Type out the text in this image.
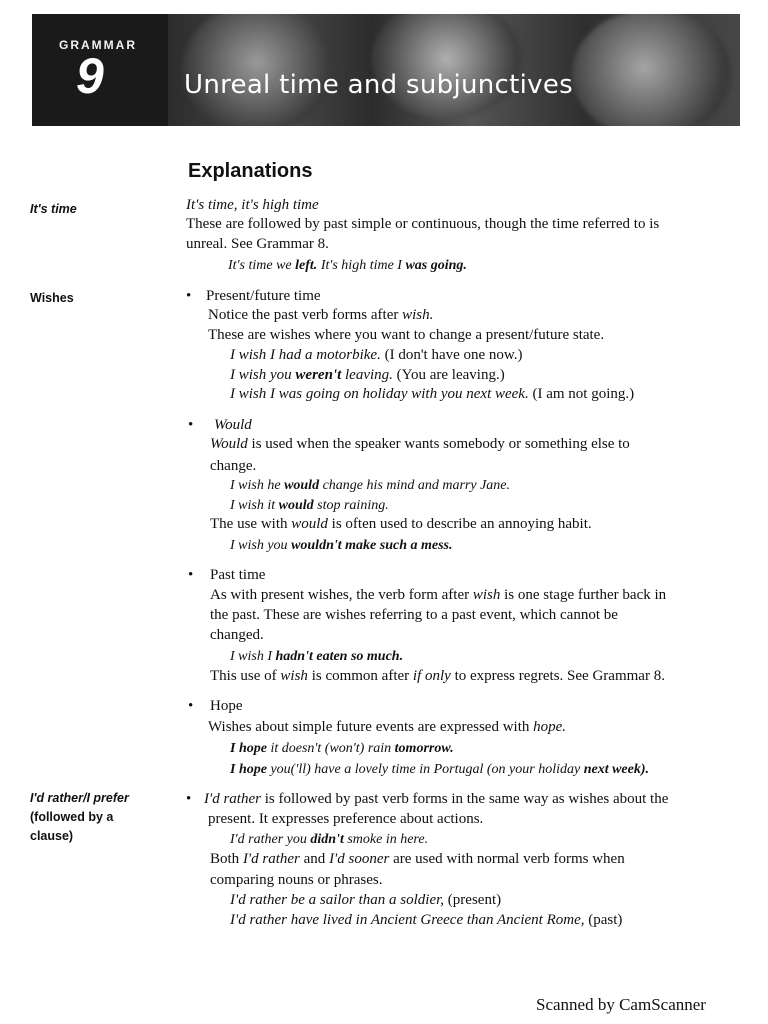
GRAMMAR
9	Unreal time and subjunctives
It's time
Wishes
I'd rather/I prefer
(followed by a
clause)
Explanations
It's time, it's high time
These are followed by past simple or continuous, though the time referred to is
unreal. See Grammar 8.
It's time we left. It's high time I was going.
• Present/future time
Notice the past verb forms after wish.
These are wishes where you want to change a present/future state.
I wish I had a motorbike. (I don't have one now.)
I wish you weren't leaving. (You are leaving.)
I wish I was going on holiday with you next week. (I am not going.)
• Would
Would is used when the speaker wants somebody or something else to
change.
I wish he would change his mind and marry Jane.
I wish it would stop raining.
The use with would is often used to describe an annoying habit.
I wish you wouldn't make such a mess.
• Past time
As with present wishes, the verb form after wish is one stage further back in
the past. These are wishes referring to a past event, which cannot be
changed.
I wish I hadn't eaten so much.
This use of wish is common after if only to express regrets. See Grammar 8.
• Hope
Wishes about simple future events are expressed with hope.
I hope it doesn't (won't) rain tomorrow.
I hope you('ll) have a lovely time in Portugal (on your holiday next week).
• I'd rather is followed by past verb forms in the same way as wishes about the
present. It expresses preference about actions.
I'd rather you didn't smoke in here.
Both I'd rather and I'd sooner are used with normal verb forms when
comparing nouns or phrases.
I'd rather be a sailor than a soldier, (present)
I'd rather have lived in Ancient Greece than Ancient Rome, (past)
Scanned by CamScanner
